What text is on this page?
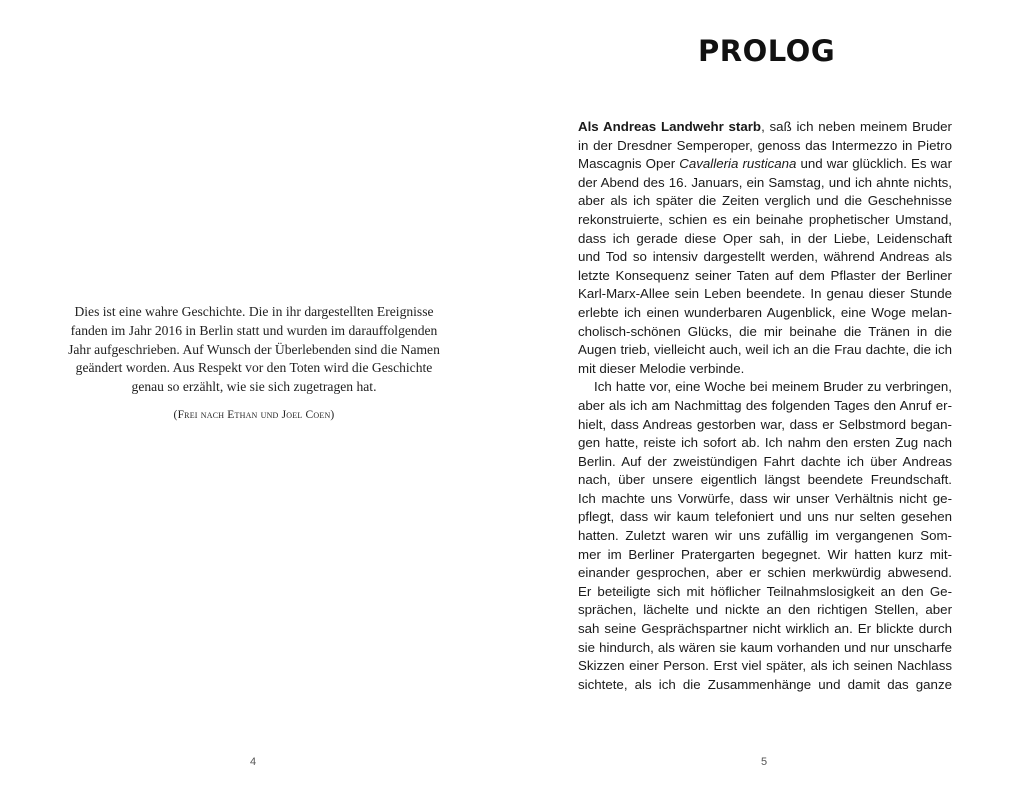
Dies ist eine wahre Geschichte. Die in ihr dargestellten Ereignisse
fanden im Jahr 2016 in Berlin statt und wurden im darauffolgenden
Jahr aufgeschrieben. Auf Wunsch der Überlebenden sind die Namen
geändert worden. Aus Respekt vor den Toten wird die Geschichte
genau so erzählt, wie sie sich zugetragen hat.
(Frei nach Ethan und Joel Coen)
4
PROLOG
Als Andreas Landwehr starb, saß ich neben meinem Bruder
in der Dresdner Semperoper, genoss das Intermezzo in Pietro
Mascagnis Oper Cavalleria rusticana und war glücklich. Es war
der Abend des 16. Januars, ein Samstag, und ich ahnte nichts,
aber als ich später die Zeiten verglich und die Geschehnisse
rekonstruierte, schien es ein beinahe prophetischer Umstand,
dass ich gerade diese Oper sah, in der Liebe, Leidenschaft
und Tod so intensiv dargestellt werden, während Andreas als
letzte Konsequenz seiner Taten auf dem Pflaster der Berliner
Karl-Marx-Allee sein Leben beendete. In genau dieser Stunde
erlebte ich einen wunderbaren Augenblick, eine Woge melan-
cholisch-schönen Glücks, die mir beinahe die Tränen in die
Augen trieb, vielleicht auch, weil ich an die Frau dachte, die ich
mit dieser Melodie verbinde.
Ich hatte vor, eine Woche bei meinem Bruder zu verbringen,
aber als ich am Nachmittag des folgenden Tages den Anruf er-
hielt, dass Andreas gestorben war, dass er Selbstmord began-
gen hatte, reiste ich sofort ab. Ich nahm den ersten Zug nach
Berlin. Auf der zweistündigen Fahrt dachte ich über Andreas
nach, über unsere eigentlich längst beendete Freundschaft.
Ich machte uns Vorwürfe, dass wir unser Verhältnis nicht ge-
pflegt, dass wir kaum telefoniert und uns nur selten gesehen
hatten. Zuletzt waren wir uns zufällig im vergangenen Som-
mer im Berliner Pratergarten begegnet. Wir hatten kurz mit-
einander gesprochen, aber er schien merkwürdig abwesend.
Er beteiligte sich mit höflicher Teilnahmslosigkeit an den Ge-
sprächen, lächelte und nickte an den richtigen Stellen, aber
sah seine Gesprächspartner nicht wirklich an. Er blickte durch
sie hindurch, als wären sie kaum vorhanden und nur unscharfe
Skizzen einer Person. Erst viel später, als ich seinen Nachlass
sichtete, als ich die Zusammenhänge und damit das ganze
5
